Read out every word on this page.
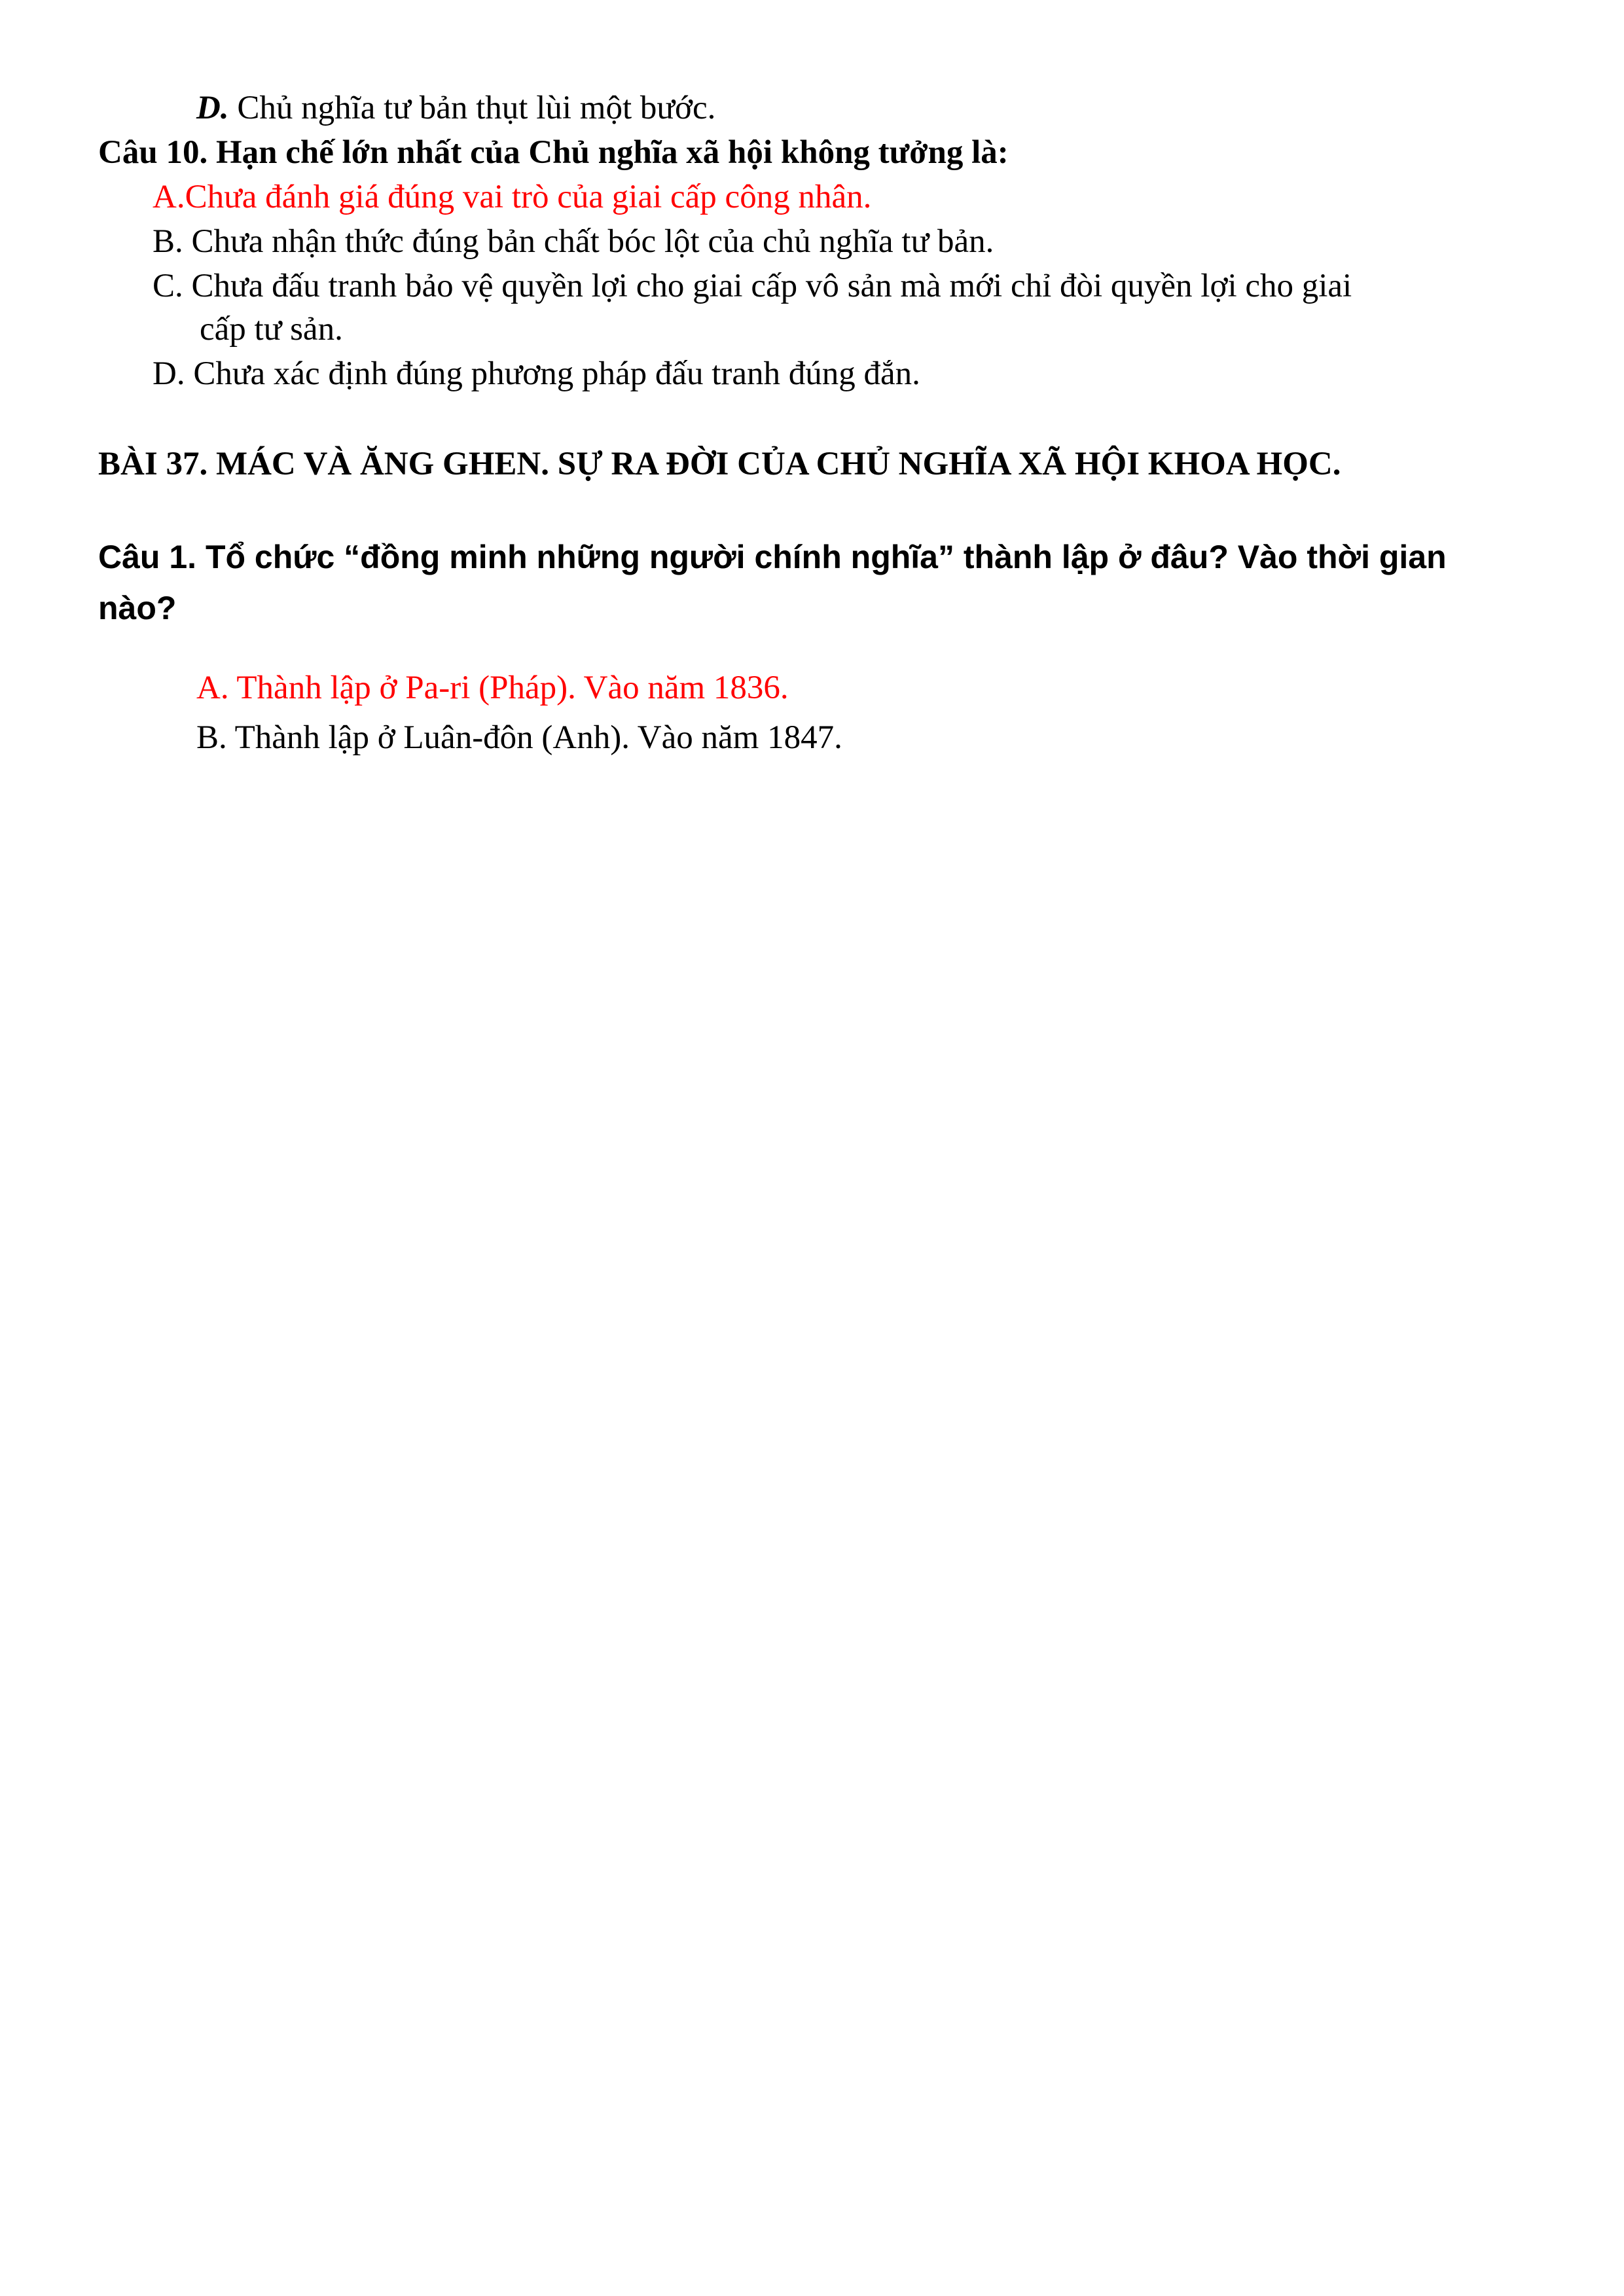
D. Chủ nghĩa tư bản thụt lùi một bước.
Câu 10. Hạn chế lớn nhất của Chủ nghĩa xã hội không tưởng là:
A.Chưa đánh giá đúng vai trò của giai cấp công nhân.
B. Chưa nhận thức đúng bản chất bóc lột của chủ nghĩa tư bản.
C. Chưa đấu tranh bảo vệ quyền lợi cho giai cấp vô sản mà mới chỉ đòi quyền lợi cho giai
cấp tư sản.
D. Chưa xác định đúng phương pháp đấu tranh đúng đắn.
BÀI 37. MÁC VÀ ĂNG GHEN. SỰ RA ĐỜI CỦA CHỦ NGHĨA XÃ HỘI KHOA HỌC.
Câu 1. Tổ chức “đồng minh những người chính nghĩa” thành lập ở đâu? Vào thời gian
nào?
A. Thành lập ở Pa-ri (Pháp). Vào năm 1836.
B. Thành lập ở Luân-đôn (Anh). Vào năm 1847.
